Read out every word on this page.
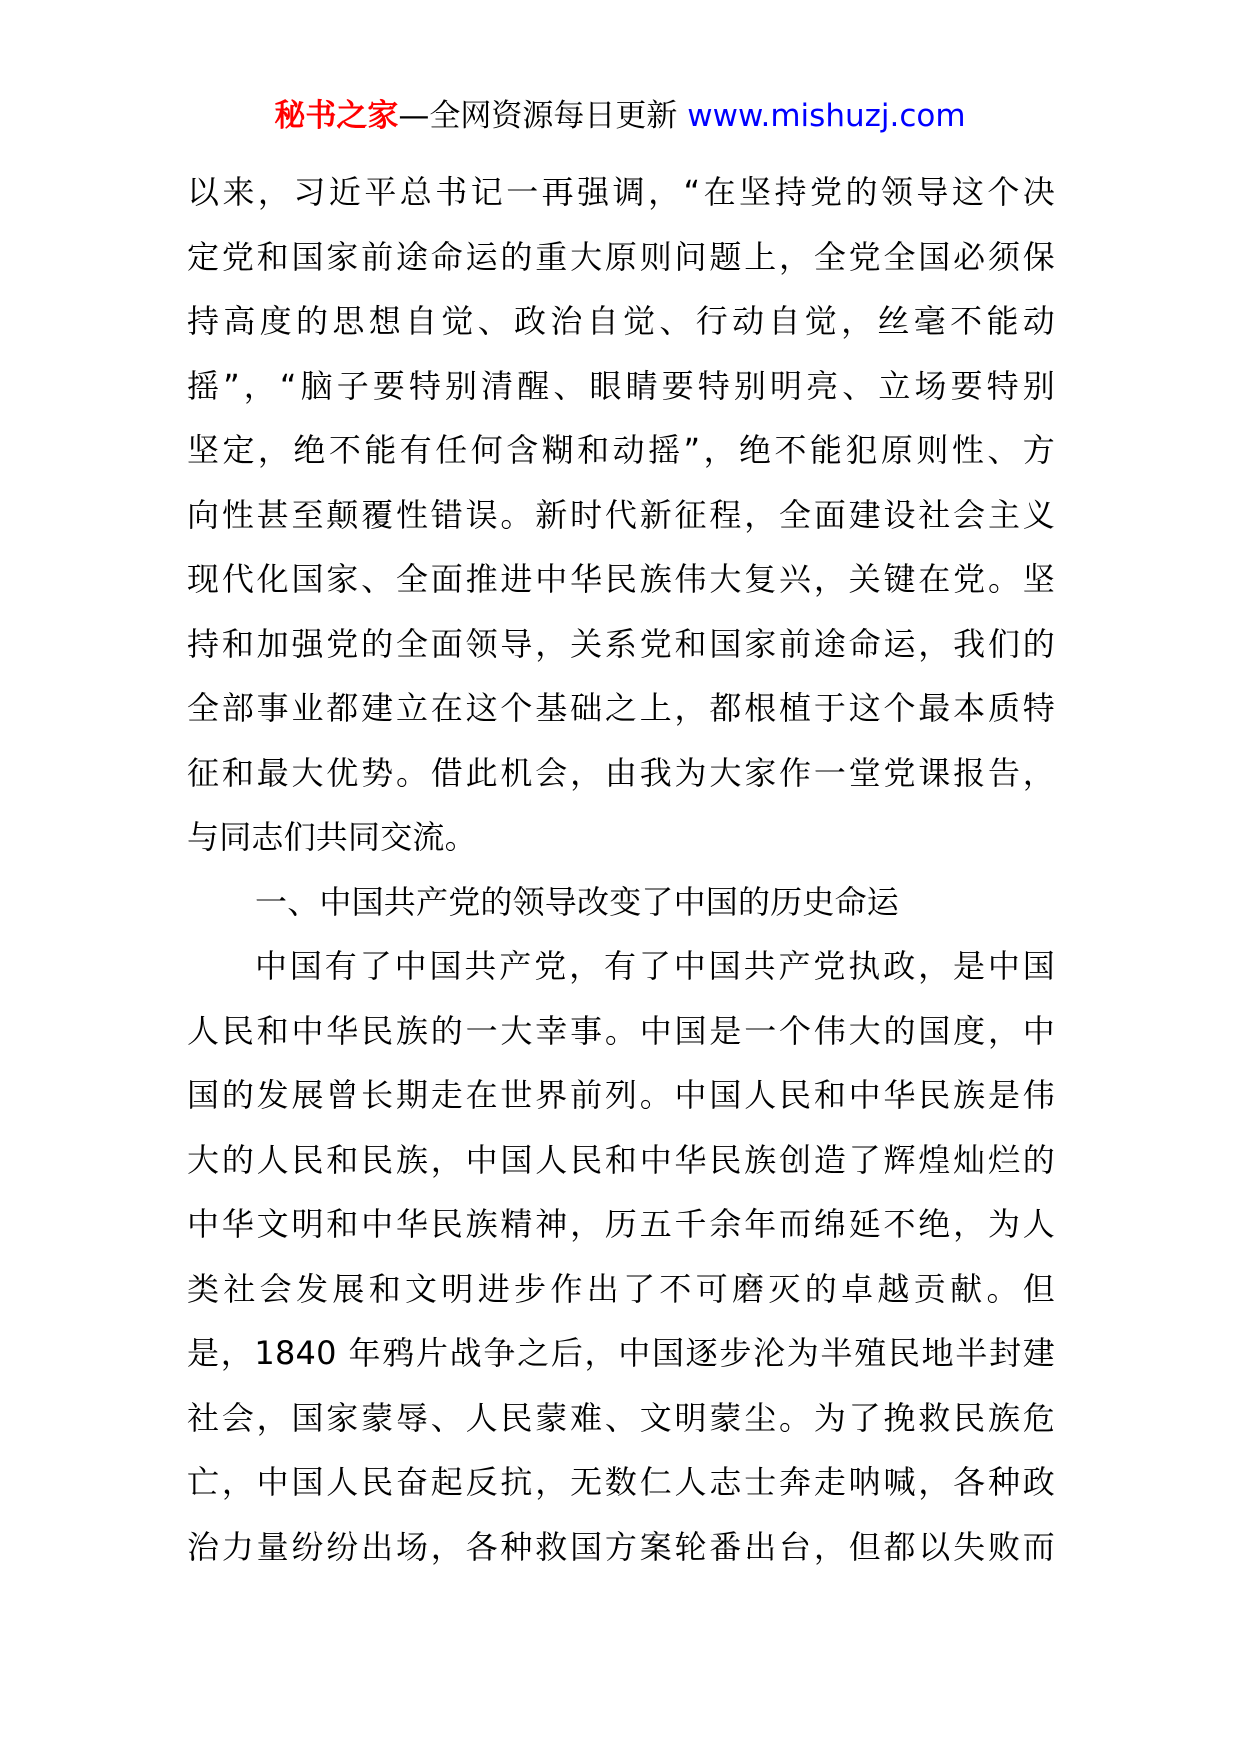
秘书之家—全网资源每日更新 www.mishuzj.com
以来，习近平总书记一再强调，“在坚持党的领导这个决
定党和国家前途命运的重大原则问题上，全党全国必须保
持高度的思想自觉、政治自觉、行动自觉，丝毫不能动
摇”，“脑子要特别清醒、眼睛要特别明亮、立场要特别
坚定，绝不能有任何含糊和动摇”，绝不能犯原则性、方
向性甚至颠覆性错误。新时代新征程，全面建设社会主义
现代化国家、全面推进中华民族伟大复兴，关键在党。坚
持和加强党的全面领导，关系党和国家前途命运，我们的
全部事业都建立在这个基础之上，都根植于这个最本质特
征和最大优势。借此机会，由我为大家作一堂党课报告，
与同志们共同交流。
一、中国共产党的领导改变了中国的历史命运
中国有了中国共产党，有了中国共产党执政，是中国
人民和中华民族的一大幸事。中国是一个伟大的国度，中
国的发展曾长期走在世界前列。中国人民和中华民族是伟
大的人民和民族，中国人民和中华民族创造了辉煌灿烂的
中华文明和中华民族精神，历五千余年而绵延不绝，为人
类社会发展和文明进步作出了不可磨灭的卓越贡献。但
是，1840 年鸦片战争之后，中国逐步沦为半殖民地半封建
社会，国家蒙辱、人民蒙难、文明蒙尘。为了挽救民族危
亡，中国人民奋起反抗，无数仁人志士奔走呐喊，各种政
治力量纷纷出场，各种救国方案轮番出台，但都以失败而
